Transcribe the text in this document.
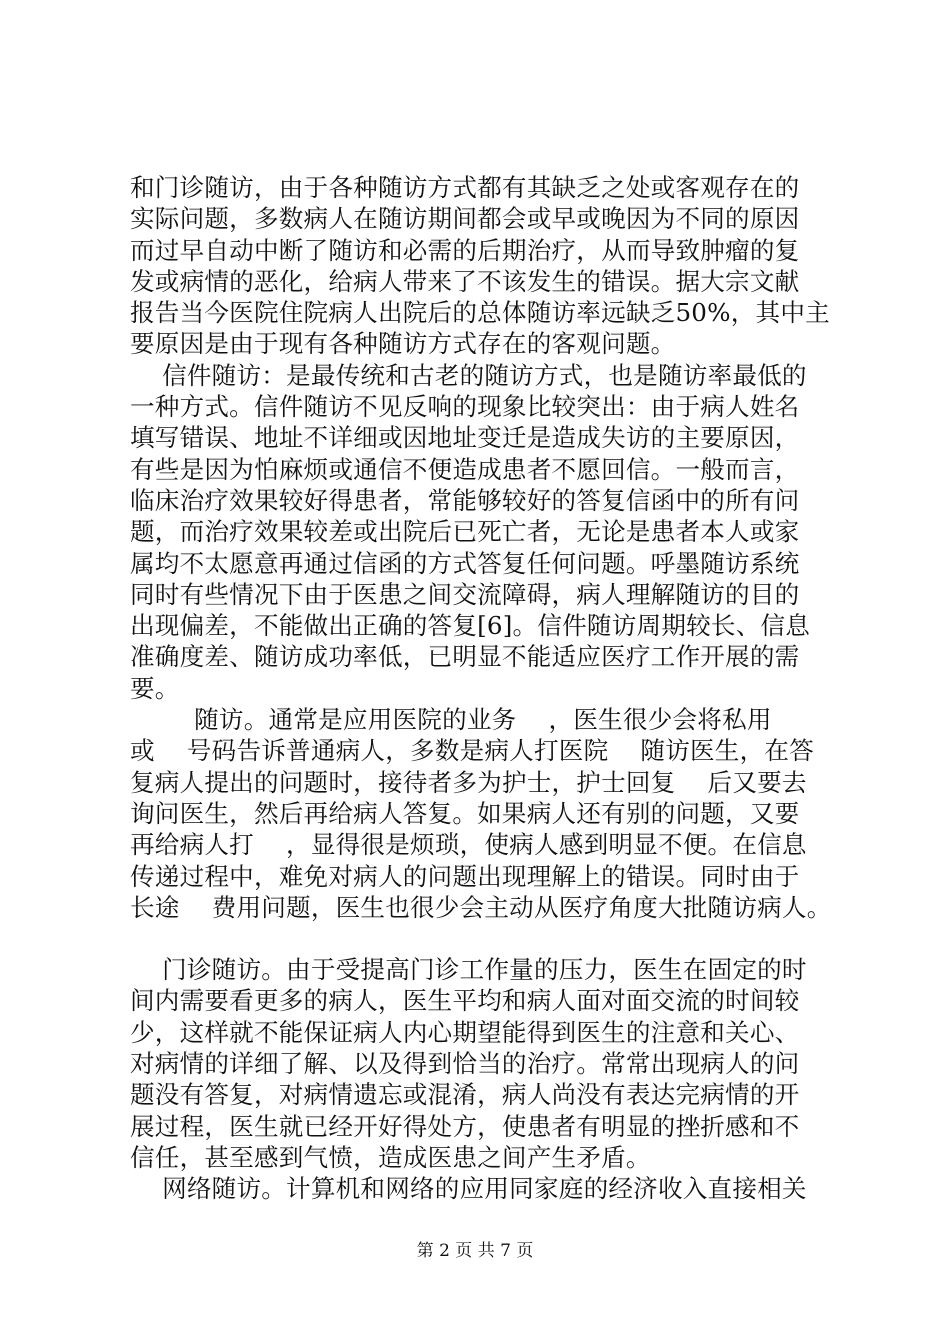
和门诊随访，由于各种随访方式都有其缺乏之处或客观存在的
实际问题，多数病人在随访期间都会或早或晚因为不同的原因
而过早自动中断了随访和必需的后期治疗，从而导致肿瘤的复
发或病情的恶化，给病人带来了不该发生的错误。据大宗文献
报告当今医院住院病人出院后的总体随访率远缺乏50%，其中主
要原因是由于现有各种随访方式存在的客观问题。
信件随访：是最传统和古老的随访方式，也是随访率最低的
一种方式。信件随访不见反响的现象比较突出：由于病人姓名
填写错误、地址不详细或因地址变迁是造成失访的主要原因，
有些是因为怕麻烦或通信不便造成患者不愿回信。一般而言，
临床治疗效果较好得患者，常能够较好的答复信函中的所有问
题，而治疗效果较差或出院后已死亡者，无论是患者本人或家
属均不太愿意再通过信函的方式答复任何问题。呼墨随访系统
同时有些情况下由于医患之间交流障碍，病人理解随访的目的
出现偏差，不能做出正确的答复[6]。信件随访周期较长、信息
准确度差、随访成功率低，已明显不能适应医疗工作开展的需
要。
随访。通常是应用医院的业务    ，医生很少会将私用
或    号码告诉普通病人，多数是病人打医院    随访医生，在答
复病人提出的问题时，接待者多为护士，护士回复    后又要去
询问医生，然后再给病人答复。如果病人还有别的问题，又要
再给病人打    ，显得很是烦琐，使病人感到明显不便。在信息
传递过程中，难免对病人的问题出现理解上的错误。同时由于
长途    费用问题，医生也很少会主动从医疗角度大批随访病人。
门诊随访。由于受提高门诊工作量的压力，医生在固定的时
间内需要看更多的病人，医生平均和病人面对面交流的时间较
少，这样就不能保证病人内心期望能得到医生的注意和关心、
对病情的详细了解、以及得到恰当的治疗。常常出现病人的问
题没有答复，对病情遗忘或混淆，病人尚没有表达完病情的开
展过程，医生就已经开好得处方，使患者有明显的挫折感和不
信任，甚至感到气愤，造成医患之间产生矛盾。
网络随访。计算机和网络的应用同家庭的经济收入直接相关
第 2 页 共 7 页
